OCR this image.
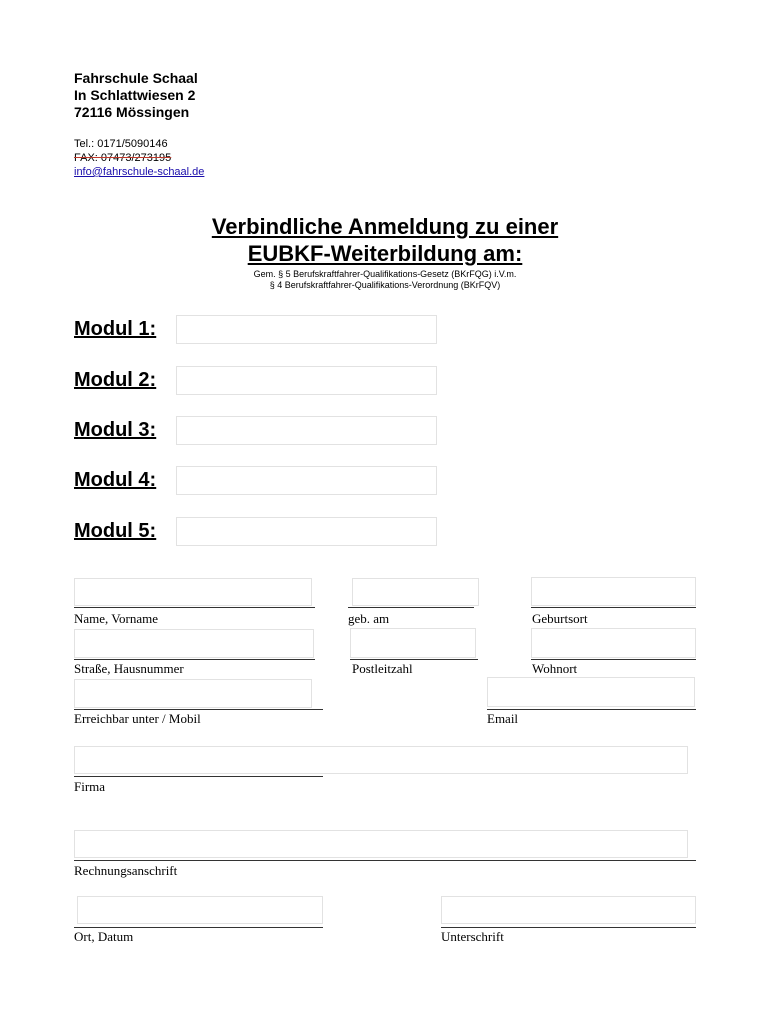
Fahrschule Schaal
In Schlattwiesen 2
72116 Mössingen
Tel.: 0171/5090146
FAX: 07473/273195
info@fahrschule-schaal.de
Verbindliche Anmeldung zu einer
EUBKF-Weiterbildung am:
Gem. § 5 Berufskraftfahrer-Qualifikations-Gesetz (BKrFQG) i.V.m.
§ 4 Berufskraftfahrer-Qualifikations-Verordnung (BKrFQV)
Modul 1:
Modul 2:
Modul 3:
Modul 4:
Modul 5:
Name, Vorname	geb. am	Geburtsort
Straße, Hausnummer	Postleitzahl	Wohnort
Erreichbar unter / Mobil	Email
Firma
Rechnungsanschrift
Ort, Datum	Unterschrift
